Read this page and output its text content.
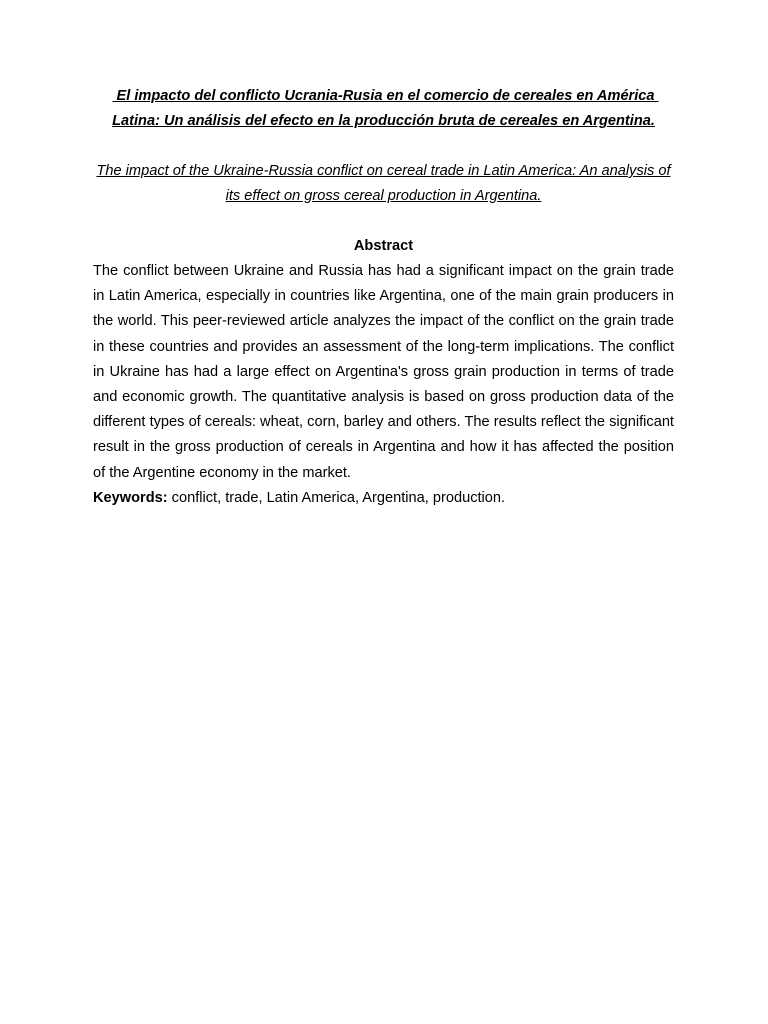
El impacto del conflicto Ucrania-Rusia en el comercio de cereales en América Latina: Un análisis del efecto en la producción bruta de cereales en Argentina.

The impact of the Ukraine-Russia conflict on cereal trade in Latin America: An analysis of its effect on gross cereal production in Argentina.

Abstract

The conflict between Ukraine and Russia has had a significant impact on the grain trade in Latin America, especially in countries like Argentina, one of the main grain producers in the world. This peer-reviewed article analyzes the impact of the conflict on the grain trade in these countries and provides an assessment of the long-term implications. The conflict in Ukraine has had a large effect on Argentina's gross grain production in terms of trade and economic growth. The quantitative analysis is based on gross production data of the different types of cereals: wheat, corn, barley and others. The results reflect the significant result in the gross production of cereals in Argentina and how it has affected the position of the Argentine economy in the market.

Keywords: conflict, trade, Latin America, Argentina, production.
